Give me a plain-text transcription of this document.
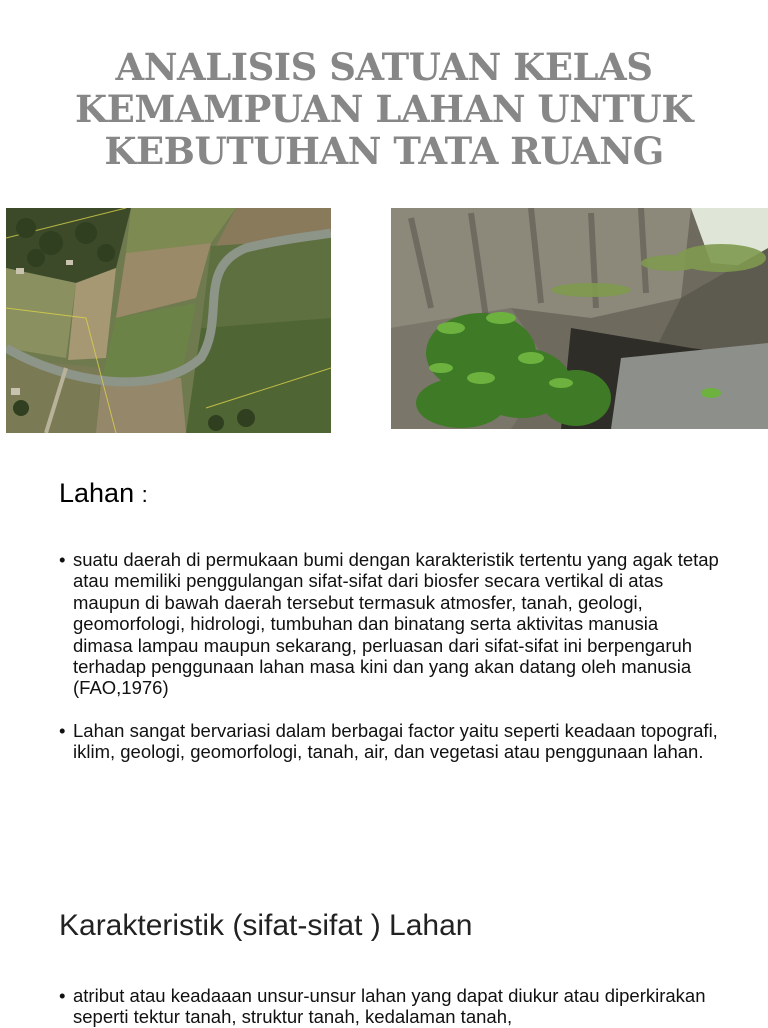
ANALISIS SATUAN KELAS
KEMAMPUAN LAHAN UNTUK
KEBUTUHAN TATA RUANG
Lahan :
• suatu daerah di permukaan bumi dengan karakteristik tertentu yang agak tetap atau memiliki penggulangan sifat-sifat dari biosfer secara vertikal di atas maupun di bawah daerah tersebut termasuk atmosfer, tanah, geologi, geomorfologi, hidrologi, tumbuhan dan binatang serta aktivitas manusia dimasa lampau maupun sekarang, perluasan dari sifat-sifat ini berpengaruh terhadap penggunaan lahan masa kini dan yang akan datang oleh manusia (FAO,1976)
• Lahan sangat bervariasi dalam berbagai factor yaitu seperti keadaan topografi, iklim, geologi, geomorfologi, tanah, air, dan vegetasi atau penggunaan lahan.
Karakteristik (sifat-sifat ) Lahan
• atribut atau keadaaan unsur-unsur lahan yang dapat diukur atau diperkirakan seperti tektur tanah, struktur tanah, kedalaman tanah,
